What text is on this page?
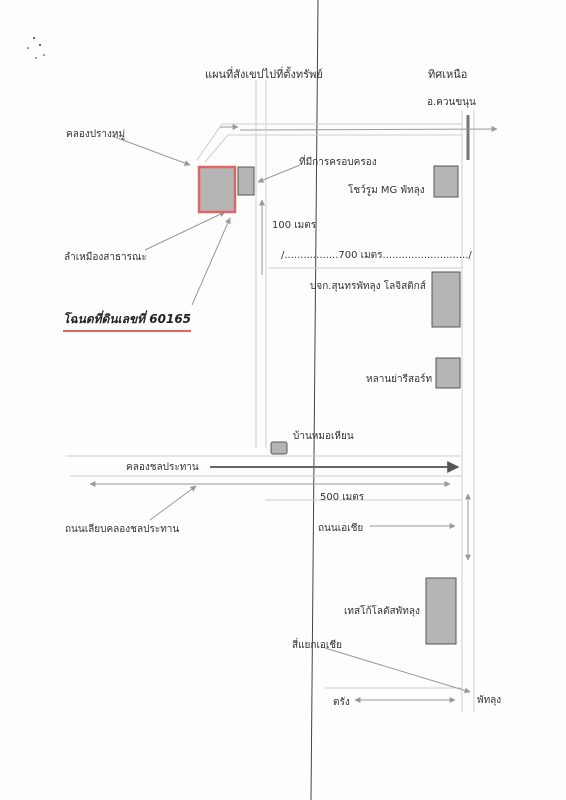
แผนที่สังเขปไปที่ตั้งทรัพย์	ทิศเหนือ
อ.ควนขนุน
คลองปรางหมู่
ที่มีการครอบครอง
ลำเหมืองสาธารณะ
โฉนดที่ดินเลขที่ 60165
100 เมตร
/.................700 เมตร.........................../
โชว์รูม MG พัทลุง
บจก.สุนทรพัทลุง โลจิสติกส์
หลานย่ารีสอร์ท
บ้านหมอเหียน
คลองชลประทาน
500 เมตร
ถนนเลียบคลองชลประทาน	ถนนเอเชีย
เทสโก้โลตัสพัทลุง
สี่แยกเอเชีย
ตรัง	พัทลุง
